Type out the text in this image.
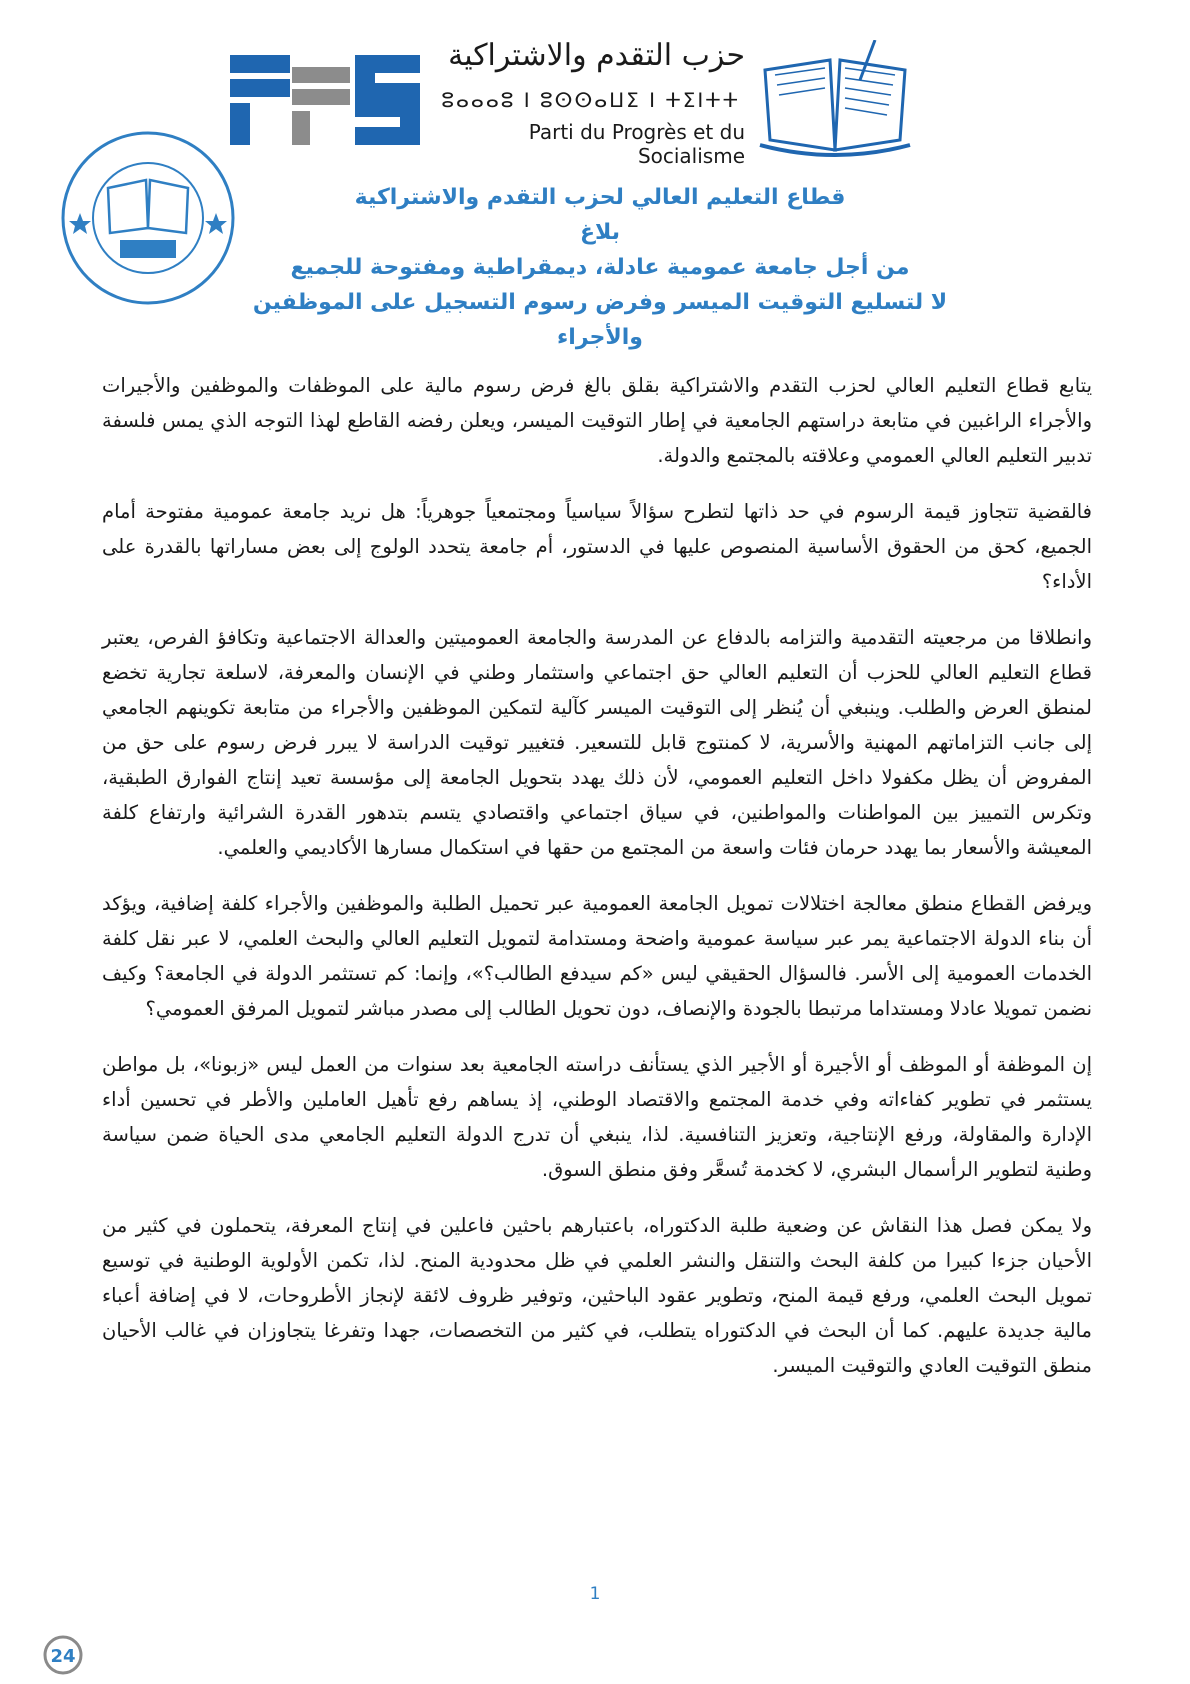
حزب التقدم والاشتراكية
ⵓⴰⴰⴰⵓ ⵏ ⵓⵙⵙⴰⵡⵉ ⵏ ⵜⵉⵏⵜⵜ
Parti du Progrès et du Socialisme
قطاع التعليم العالي لحزب التقدم والاشتراكية
بلاغ
من أجل جامعة عمومية عادلة، ديمقراطية ومفتوحة للجميع
لا لتسليع التوقيت الميسر وفرض رسوم التسجيل على الموظفين والأجراء

يتابع قطاع التعليم العالي لحزب التقدم والاشتراكية بقلق بالغ فرض رسوم مالية على الموظفات والموظفين والأجيرات والأجراء الراغبين في متابعة دراستهم الجامعية في إطار التوقيت الميسر، ويعلن رفضه القاطع لهذا التوجه الذي يمس فلسفة تدبير التعليم العالي العمومي وعلاقته بالمجتمع والدولة.

فالقضية تتجاوز قيمة الرسوم في حد ذاتها لتطرح سؤالاً سياسياً ومجتمعياً جوهرياً: هل نريد جامعة عمومية مفتوحة أمام الجميع، كحق من الحقوق الأساسية المنصوص عليها في الدستور، أم جامعة يتحدد الولوج إلى بعض مساراتها بالقدرة على الأداء؟

وانطلاقا من مرجعيته التقدمية والتزامه بالدفاع عن المدرسة والجامعة العموميتين والعدالة الاجتماعية وتكافؤ الفرص، يعتبر قطاع التعليم العالي للحزب أن التعليم العالي حق اجتماعي واستثمار وطني في الإنسان والمعرفة، لاسلعة تجارية تخضع لمنطق العرض والطلب. وينبغي أن يُنظر إلى التوقيت الميسر كآلية لتمكين الموظفين والأجراء من متابعة تكوينهم الجامعي إلى جانب التزاماتهم المهنية والأسرية، لا كمنتوج قابل للتسعير. فتغيير توقيت الدراسة لا يبرر فرض رسوم على حق من المفروض أن يظل مكفولا داخل التعليم العمومي، لأن ذلك يهدد بتحويل الجامعة إلى مؤسسة تعيد إنتاج الفوارق الطبقية، وتكرس التمييز بين المواطنات والمواطنين، في سياق اجتماعي واقتصادي يتسم بتدهور القدرة الشرائية وارتفاع كلفة المعيشة والأسعار بما يهدد حرمان فئات واسعة من المجتمع من حقها في استكمال مسارها الأكاديمي والعلمي.

ويرفض القطاع منطق معالجة اختلالات تمويل الجامعة العمومية عبر تحميل الطلبة والموظفين والأجراء كلفة إضافية، ويؤكد أن بناء الدولة الاجتماعية يمر عبر سياسة عمومية واضحة ومستدامة لتمويل التعليم العالي والبحث العلمي، لا عبر نقل كلفة الخدمات العمومية إلى الأسر. فالسؤال الحقيقي ليس «كم سيدفع الطالب؟»، وإنما: كم تستثمر الدولة في الجامعة؟ وكيف نضمن تمويلا عادلا ومستداما مرتبطا بالجودة والإنصاف، دون تحويل الطالب إلى مصدر مباشر لتمويل المرفق العمومي؟

إن الموظفة أو الموظف أو الأجيرة أو الأجير الذي يستأنف دراسته الجامعية بعد سنوات من العمل ليس «زبونا»، بل مواطن يستثمر في تطوير كفاءاته وفي خدمة المجتمع والاقتصاد الوطني، إذ يساهم رفع تأهيل العاملين والأطر في تحسين أداء الإدارة والمقاولة، ورفع الإنتاجية، وتعزيز التنافسية. لذا، ينبغي أن تدرج الدولة التعليم الجامعي مدى الحياة ضمن سياسة وطنية لتطوير الرأسمال البشري، لا كخدمة تُسعَّر وفق منطق السوق.

ولا يمكن فصل هذا النقاش عن وضعية طلبة الدكتوراه، باعتبارهم باحثين فاعلين في إنتاج المعرفة، يتحملون في كثير من الأحيان جزءا كبيرا من كلفة البحث والتنقل والنشر العلمي في ظل محدودية المنح. لذا، تكمن الأولوية الوطنية في توسيع تمويل البحث العلمي، ورفع قيمة المنح، وتطوير عقود الباحثين، وتوفير ظروف لائقة لإنجاز الأطروحات، لا في إضافة أعباء مالية جديدة عليهم. كما أن البحث في الدكتوراه يتطلب، في كثير من التخصصات، جهدا وتفرغا يتجاوزان في غالب الأحيان منطق التوقيت العادي والتوقيت الميسر.

1
24
